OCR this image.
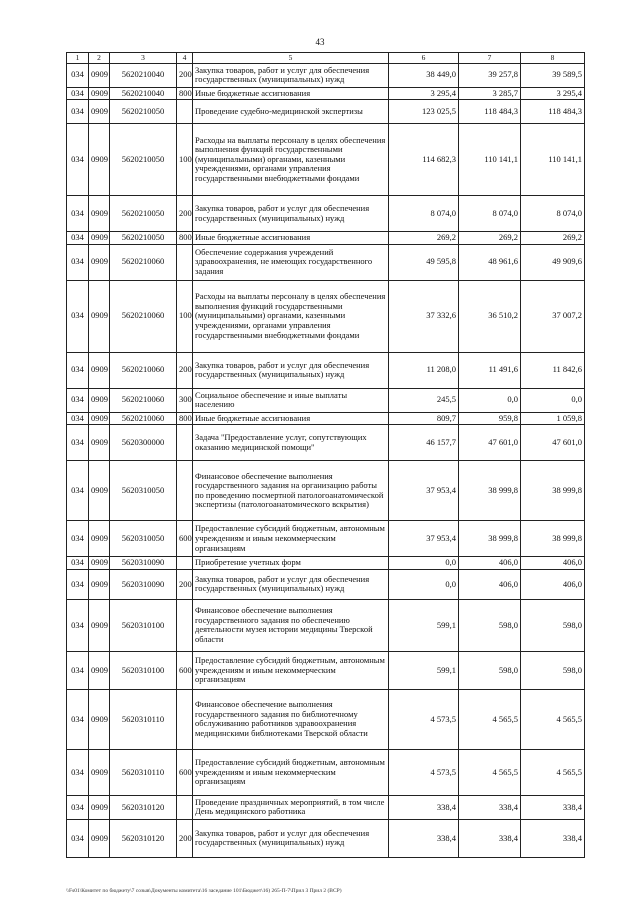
43
1	2	3	4	5	6	7	8
034	0909	5620210040	200	Закупка товаров, работ и услуг для обеспечения государственных (муниципальных) нужд	38 449,0	39 257,8	39 589,5
034	0909	5620210040	800	Иные бюджетные ассигнования	3 295,4	3 285,7	3 295,4
034	0909	5620210050		Проведение судебно-медицинской экспертизы	123 025,5	118 484,3	118 484,3
034	0909	5620210050	100	Расходы на выплаты персоналу в целях обеспечения выполнения функций государственными (муниципальными) органами, казенными учреждениями, органами управления государственными внебюджетными фондами	114 682,3	110 141,1	110 141,1
034	0909	5620210050	200	Закупка товаров, работ и услуг для обеспечения государственных (муниципальных) нужд	8 074,0	8 074,0	8 074,0
034	0909	5620210050	800	Иные бюджетные ассигнования	269,2	269,2	269,2
034	0909	5620210060		Обеспечение содержания учреждений здравоохранения, не имеющих государственного задания	49 595,8	48 961,6	49 909,6
034	0909	5620210060	100	Расходы на выплаты персоналу в целях обеспечения выполнения функций государственными (муниципальными) органами, казенными учреждениями, органами управления государственными внебюджетными фондами	37 332,6	36 510,2	37 007,2
034	0909	5620210060	200	Закупка товаров, работ и услуг для обеспечения государственных (муниципальных) нужд	11 208,0	11 491,6	11 842,6
034	0909	5620210060	300	Социальное обеспечение и иные выплаты населению	245,5	0,0	0,0
034	0909	5620210060	800	Иные бюджетные ассигнования	809,7	959,8	1 059,8
034	0909	5620300000		Задача "Предоставление услуг, сопутствующих оказанию медицинской помощи"	46 157,7	47 601,0	47 601,0
034	0909	5620310050		Финансовое обеспечение выполнения государственного задания на организацию работы по проведению посмертной патологоанатомической экспертизы (патологоанатомического вскрытия)	37 953,4	38 999,8	38 999,8
034	0909	5620310050	600	Предоставление субсидий бюджетным, автономным учреждениям и иным некоммерческим организациям	37 953,4	38 999,8	38 999,8
034	0909	5620310090		Приобретение учетных форм	0,0	406,0	406,0
034	0909	5620310090	200	Закупка товаров, работ и услуг для обеспечения государственных (муниципальных) нужд	0,0	406,0	406,0
034	0909	5620310100		Финансовое обеспечение выполнения государственного задания по обеспечению деятельности музея истории медицины Тверской области	599,1	598,0	598,0
034	0909	5620310100	600	Предоставление субсидий бюджетным, автономным учреждениям и иным некоммерческим организациям	599,1	598,0	598,0
034	0909	5620310110		Финансовое обеспечение выполнения государственного задания по библиотечному обслуживанию работников здравоохранения медицинскими библиотеками Тверской области	4 573,5	4 565,5	4 565,5
034	0909	5620310110	600	Предоставление субсидий бюджетным, автономным учреждениям и иным некоммерческим организациям	4 573,5	4 565,5	4 565,5
034	0909	5620310120		Проведение праздничных мероприятий, в том числе День медицинского работника	338,4	338,4	338,4
034	0909	5620310120	200	Закупка товаров, работ и услуг для обеспечения государственных (муниципальных) нужд	338,4	338,4	338,4
\\Fs01\Комитет по бюджету\7 созыв\Документы комитета\16 заседание 101\Бюджет\16) 265-П-7\Прил 3 Прил 2 (ВСР)
